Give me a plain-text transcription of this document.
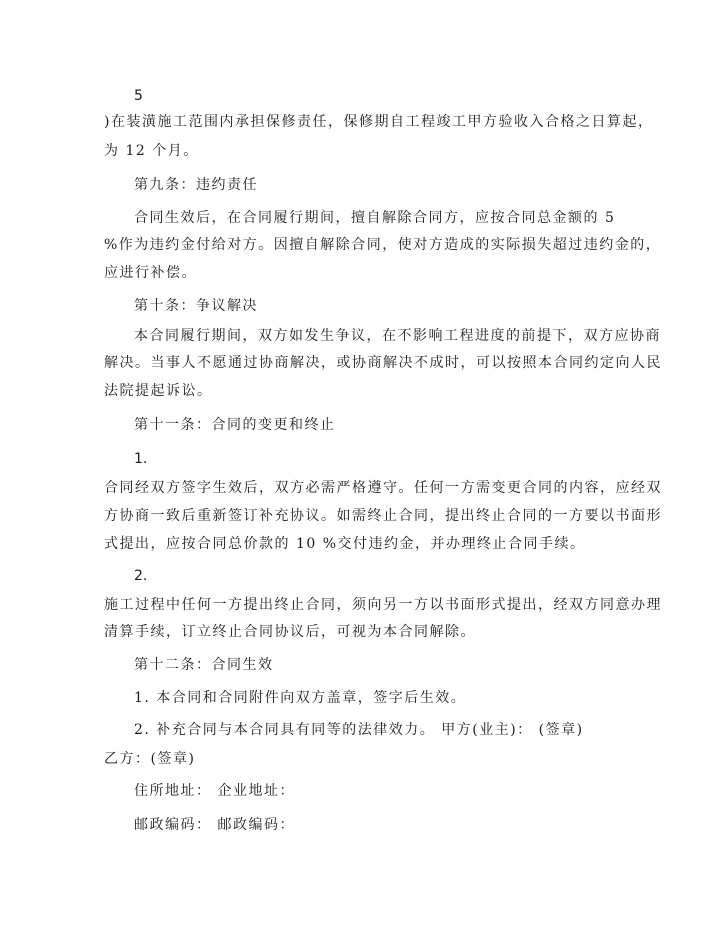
5
)在装潢施工范围内承担保修责任，保修期自工程竣工甲方验收入合格之日算起，
为 12 个月。
第九条：违约责任
合同生效后，在合同履行期间，擅自解除合同方，应按合同总金额的 5
%作为违约金付给对方。因擅自解除合同，使对方造成的实际损失超过违约金的，
应进行补偿。
第十条：争议解决
本合同履行期间，双方如发生争议，在不影响工程进度的前提下，双方应协商
解决。当事人不愿通过协商解决，或协商解决不成时，可以按照本合同约定向人民
法院提起诉讼。
第十一条：合同的变更和终止
1.
合同经双方签字生效后，双方必需严格遵守。任何一方需变更合同的内容，应经双
方协商一致后重新签订补充协议。如需终止合同，提出终止合同的一方要以书面形
式提出，应按合同总价款的 10 %交付违约金，并办理终止合同手续。
2.
施工过程中任何一方提出终止合同，须向另一方以书面形式提出，经双方同意办理
清算手续，订立终止合同协议后，可视为本合同解除。
第十二条：合同生效
1. 本合同和合同附件向双方盖章，签字后生效。
2. 补充合同与本合同具有同等的法律效力。 甲方(业主)： (签章)
乙方：(签章)
住所地址： 企业地址：
邮政编码： 邮政编码：
